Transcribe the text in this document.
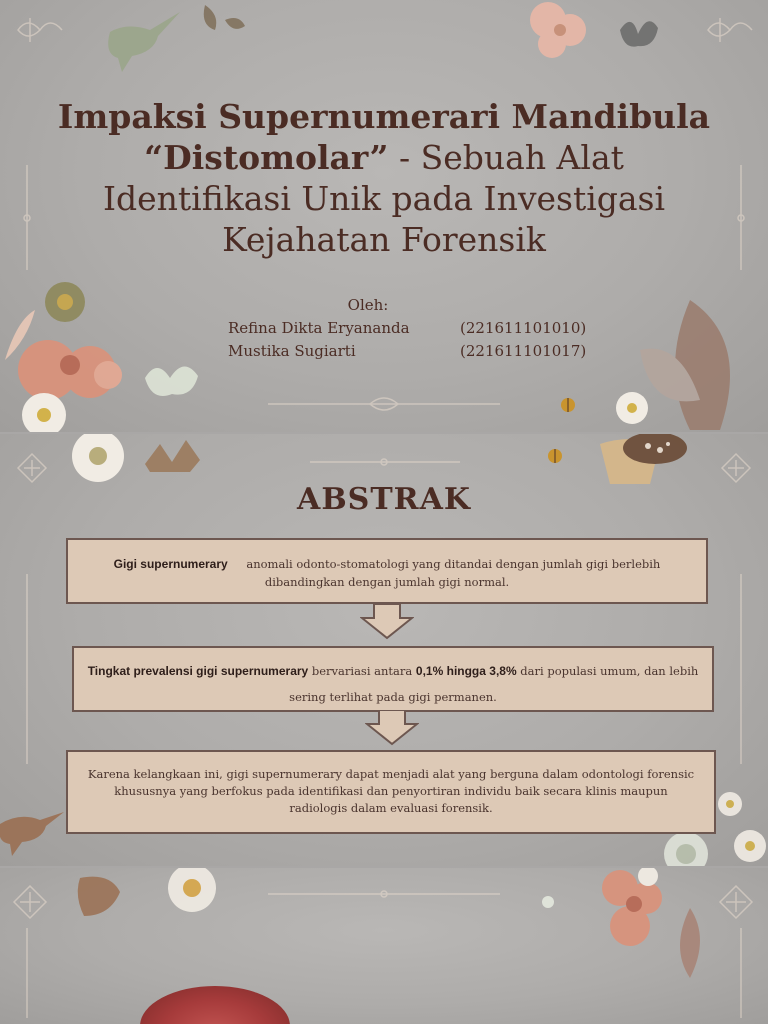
Impaksi Supernumerari Mandibula
“Distomolar” - Sebuah Alat
Identifikasi Unik pada Investigasi
Kejahatan Forensik
Oleh:
Refina Dikta Eryananda	(221611101010)
Mustika Sugiarti	(221611101017)
ABSTRAK
Gigi supernumerary anomali odonto-stomatologi yang ditandai dengan jumlah gigi berlebih
dibandingkan dengan jumlah gigi normal.
Tingkat prevalensi gigi supernumerary bervariasi antara 0,1% hingga 3,8% dari populasi umum, dan lebih
sering terlihat pada gigi permanen.
Karena kelangkaan ini, gigi supernumerary dapat menjadi alat yang berguna dalam odontologi forensic khususnya yang berfokus pada identifikasi dan penyortiran individu baik secara klinis maupun radiologis dalam evaluasi forensik.
